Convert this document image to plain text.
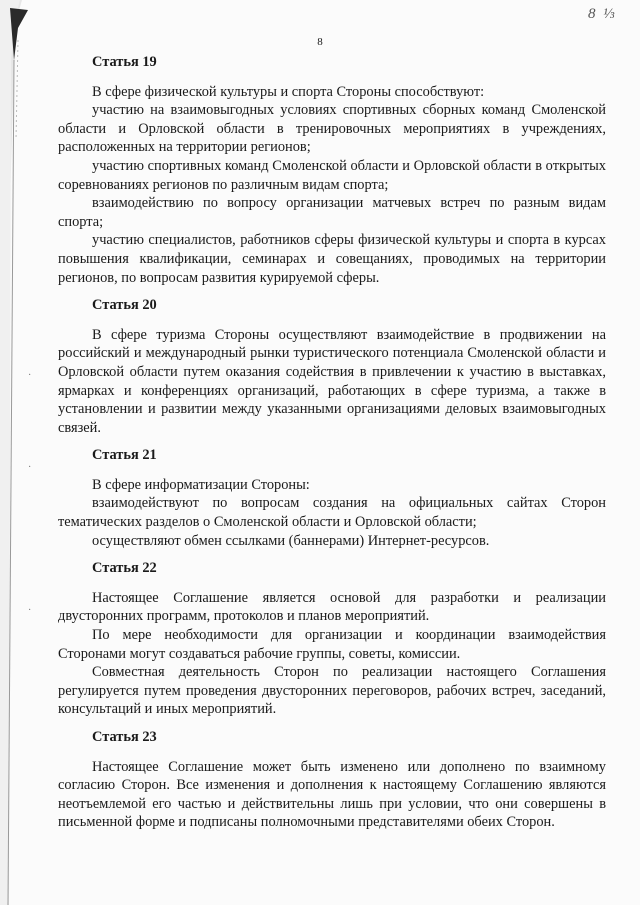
8
8 ⅓
Статья 19

В сфере физической культуры и спорта Стороны способствуют:

участию на взаимовыгодных условиях спортивных сборных команд Смоленской области и Орловской области в тренировочных мероприятиях в учреждениях, расположенных на территории регионов;

участию спортивных команд Смоленской области и Орловской области в открытых соревнованиях регионов по различным видам спорта;

взаимодействию по вопросу организации матчевых встреч по разным видам спорта;

участию специалистов, работников сферы физической культуры и спорта в курсах повышения квалификации, семинарах и совещаниях, проводимых на территории регионов, по вопросам развития курируемой сферы.

Статья 20

В сфере туризма Стороны осуществляют взаимодействие в продвижении на российский и международный рынки туристического потенциала Смоленской области и Орловской области путем оказания содействия в привлечении к участию в выставках, ярмарках и конференциях организаций, работающих в сфере туризма, а также в установлении и развитии между указанными организациями деловых взаимовыгодных связей.

Статья 21

В сфере информатизации Стороны:

взаимодействуют по вопросам создания на официальных сайтах Сторон тематических разделов о Смоленской области и Орловской области;

осуществляют обмен ссылками (баннерами) Интернет-ресурсов.

Статья 22

Настоящее Соглашение является основой для разработки и реализации двусторонних программ, протоколов и планов мероприятий.

По мере необходимости для организации и координации взаимодействия Сторонами могут создаваться рабочие группы, советы, комиссии.

Совместная деятельность Сторон по реализации настоящего Соглашения регулируется путем проведения двусторонних переговоров, рабочих встреч, заседаний, консультаций и иных мероприятий.

Статья 23

Настоящее Соглашение может быть изменено или дополнено по взаимному согласию Сторон. Все изменения и дополнения к настоящему Соглашению являются неотъемлемой его частью и действительны лишь при условии, что они совершены в письменной форме и подписаны полномочными представителями обеих Сторон.

·
·
·
